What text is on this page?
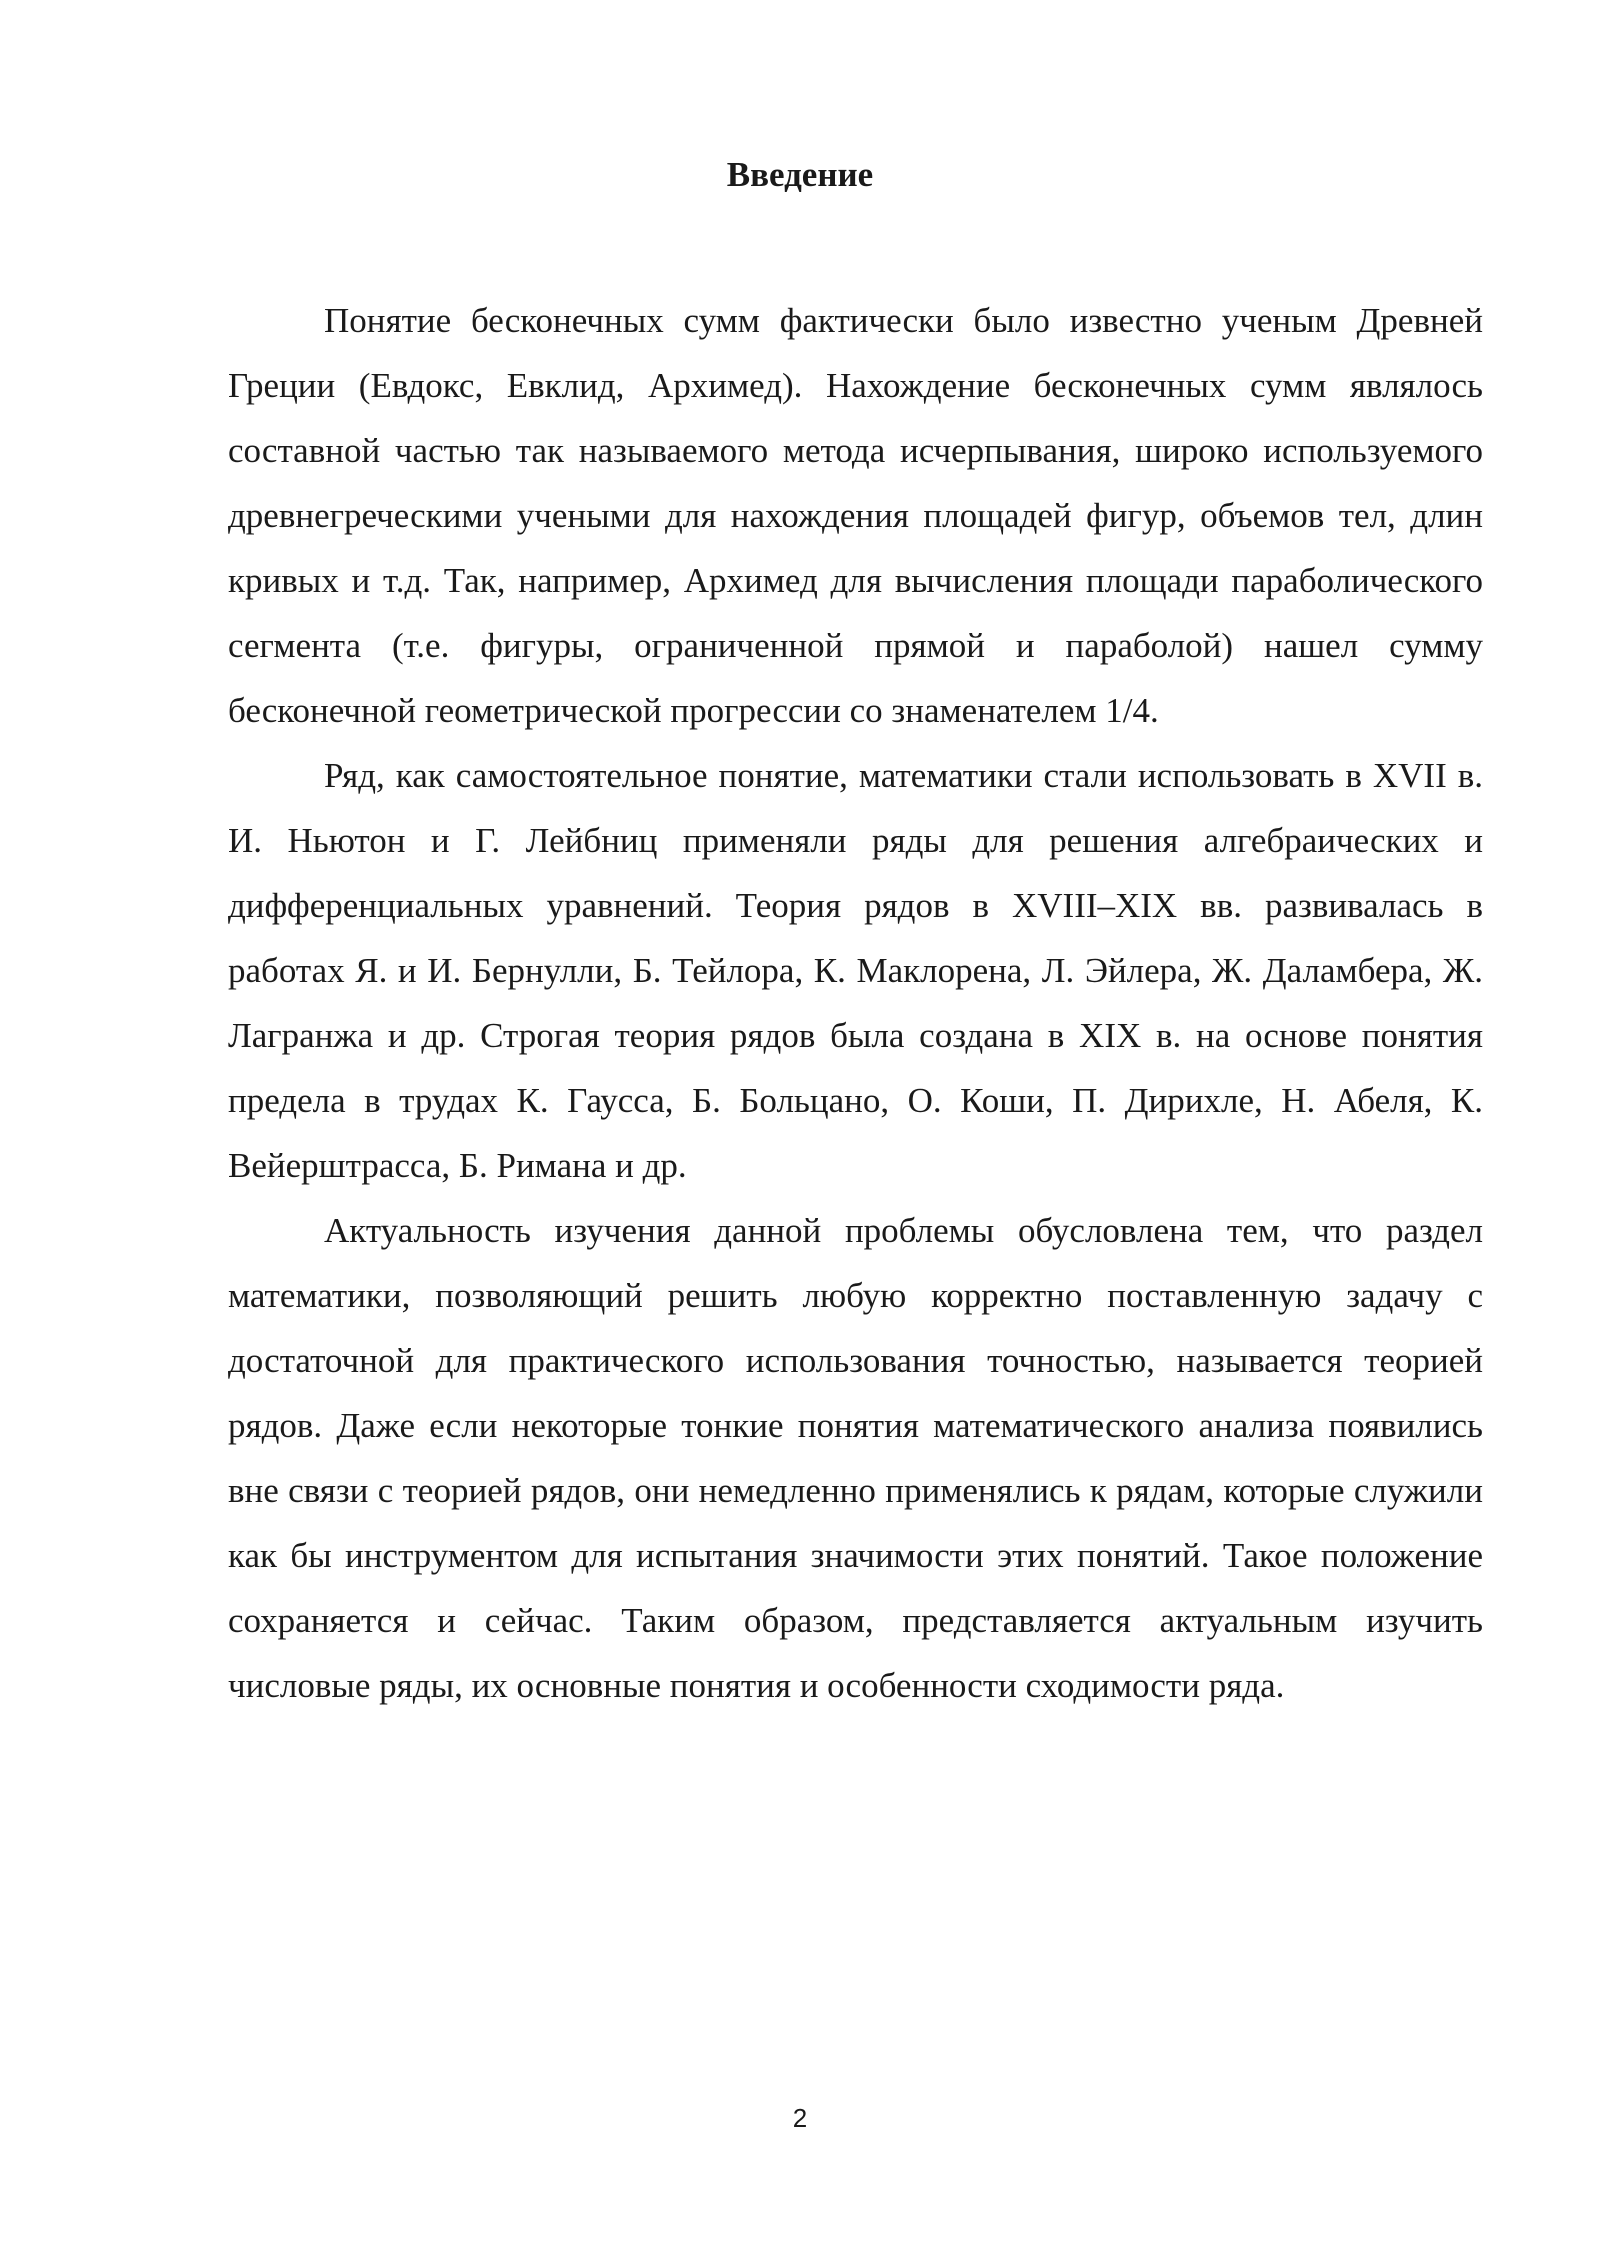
Введение

Понятие бесконечных сумм фактически было известно ученым Древней Греции (Евдокс, Евклид, Архимед). Нахождение бесконечных сумм являлось составной частью так называемого метода исчерпывания, широко используемого древнегреческими учеными для нахождения площадей фигур, объемов тел, длин кривых и т.д. Так, например, Архимед для вычисления площади параболического сегмента (т.е. фигуры, ограниченной прямой и параболой) нашел сумму бесконечной геометрической прогрессии со знаменателем 1/4.

Ряд, как самостоятельное понятие, математики стали использовать в XVII в. И. Ньютон и Г. Лейбниц применяли ряды для решения алгебраических и дифференциальных уравнений. Теория рядов в XVIII–XIX вв. развивалась в работах Я. и И. Бернулли, Б. Тейлора, К. Маклорена, Л. Эйлера, Ж. Даламбера, Ж. Лагранжа и др. Строгая теория рядов была создана в XIX в. на основе понятия предела в трудах К. Гаусса, Б. Больцано, О. Коши, П. Дирихле, Н. Абеля, К. Вейерштрасса, Б. Римана и др.

Актуальность изучения данной проблемы обусловлена тем, что раздел математики, позволяющий решить любую корректно поставленную задачу с достаточной для практического использования точностью, называется теорией рядов. Даже если некоторые тонкие понятия математического анализа появились вне связи с теорией рядов, они немедленно применялись к рядам, которые служили как бы инструментом для испытания значимости этих понятий. Такое положение сохраняется и сейчас. Таким образом, представляется актуальным изучить числовые ряды, их основные понятия и особенности сходимости ряда.

2
